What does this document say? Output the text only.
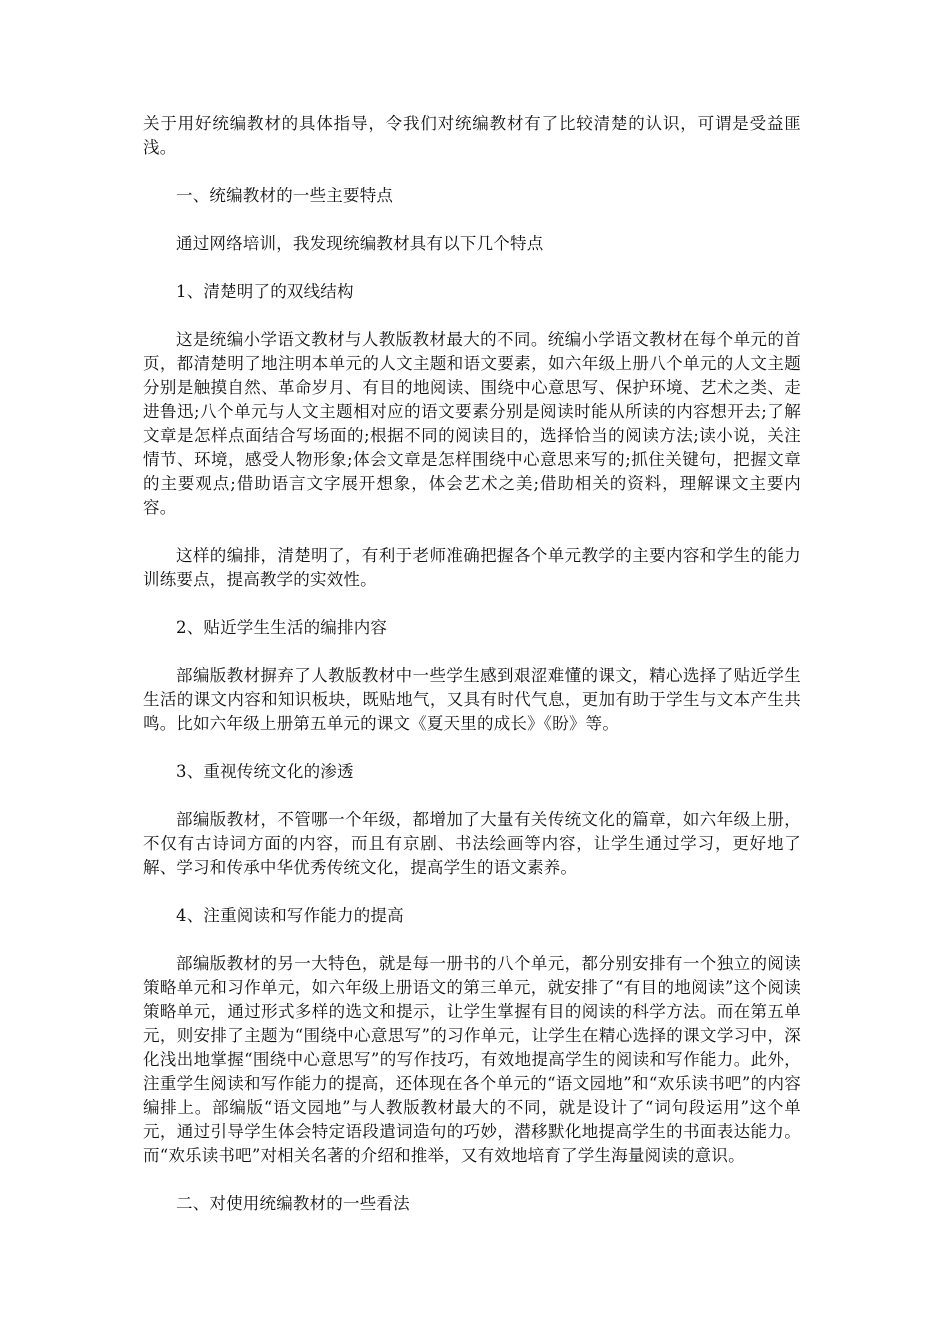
关于用好统编教材的具体指导，令我们对统编教材有了比较清楚的认识，可谓是受益匪浅。

一、统编教材的一些主要特点

通过网络培训，我发现统编教材具有以下几个特点

1、清楚明了的双线结构

这是统编小学语文教材与人教版教材最大的不同。统编小学语文教材在每个单元的首页，都清楚明了地注明本单元的人文主题和语文要素，如六年级上册八个单元的人文主题分别是触摸自然、革命岁月、有目的地阅读、围绕中心意思写、保护环境、艺术之类、走进鲁迅;八个单元与人文主题相对应的语文要素分别是阅读时能从所读的内容想开去;了解文章是怎样点面结合写场面的;根据不同的阅读目的，选择恰当的阅读方法;读小说，关注情节、环境，感受人物形象;体会文章是怎样围绕中心意思来写的;抓住关键句，把握文章的主要观点;借助语言文字展开想象，体会艺术之美;借助相关的资料，理解课文主要内容。

这样的编排，清楚明了，有利于老师准确把握各个单元教学的主要内容和学生的能力训练要点，提高教学的实效性。

2、贴近学生生活的编排内容

部编版教材摒弃了人教版教材中一些学生感到艰涩难懂的课文，精心选择了贴近学生生活的课文内容和知识板块，既贴地气，又具有时代气息，更加有助于学生与文本产生共鸣。比如六年级上册第五单元的课文《夏天里的成长》《盼》等。

3、重视传统文化的渗透

部编版教材，不管哪一个年级，都增加了大量有关传统文化的篇章，如六年级上册，不仅有古诗词方面的内容，而且有京剧、书法绘画等内容，让学生通过学习，更好地了解、学习和传承中华优秀传统文化，提高学生的语文素养。

4、注重阅读和写作能力的提高

部编版教材的另一大特色，就是每一册书的八个单元，都分别安排有一个独立的阅读策略单元和习作单元，如六年级上册语文的第三单元，就安排了“有目的地阅读”这个阅读策略单元，通过形式多样的选文和提示，让学生掌握有目的阅读的科学方法。而在第五单元，则安排了主题为“围绕中心意思写”的习作单元，让学生在精心选择的课文学习中，深化浅出地掌握“围绕中心意思写”的写作技巧，有效地提高学生的阅读和写作能力。此外，注重学生阅读和写作能力的提高，还体现在各个单元的“语文园地”和“欢乐读书吧”的内容编排上。部编版“语文园地”与人教版教材最大的不同，就是设计了“词句段运用”这个单元，通过引导学生体会特定语段遣词造句的巧妙，潜移默化地提高学生的书面表达能力。而“欢乐读书吧”对相关名著的介绍和推举，又有效地培育了学生海量阅读的意识。

二、对使用统编教材的一些看法
